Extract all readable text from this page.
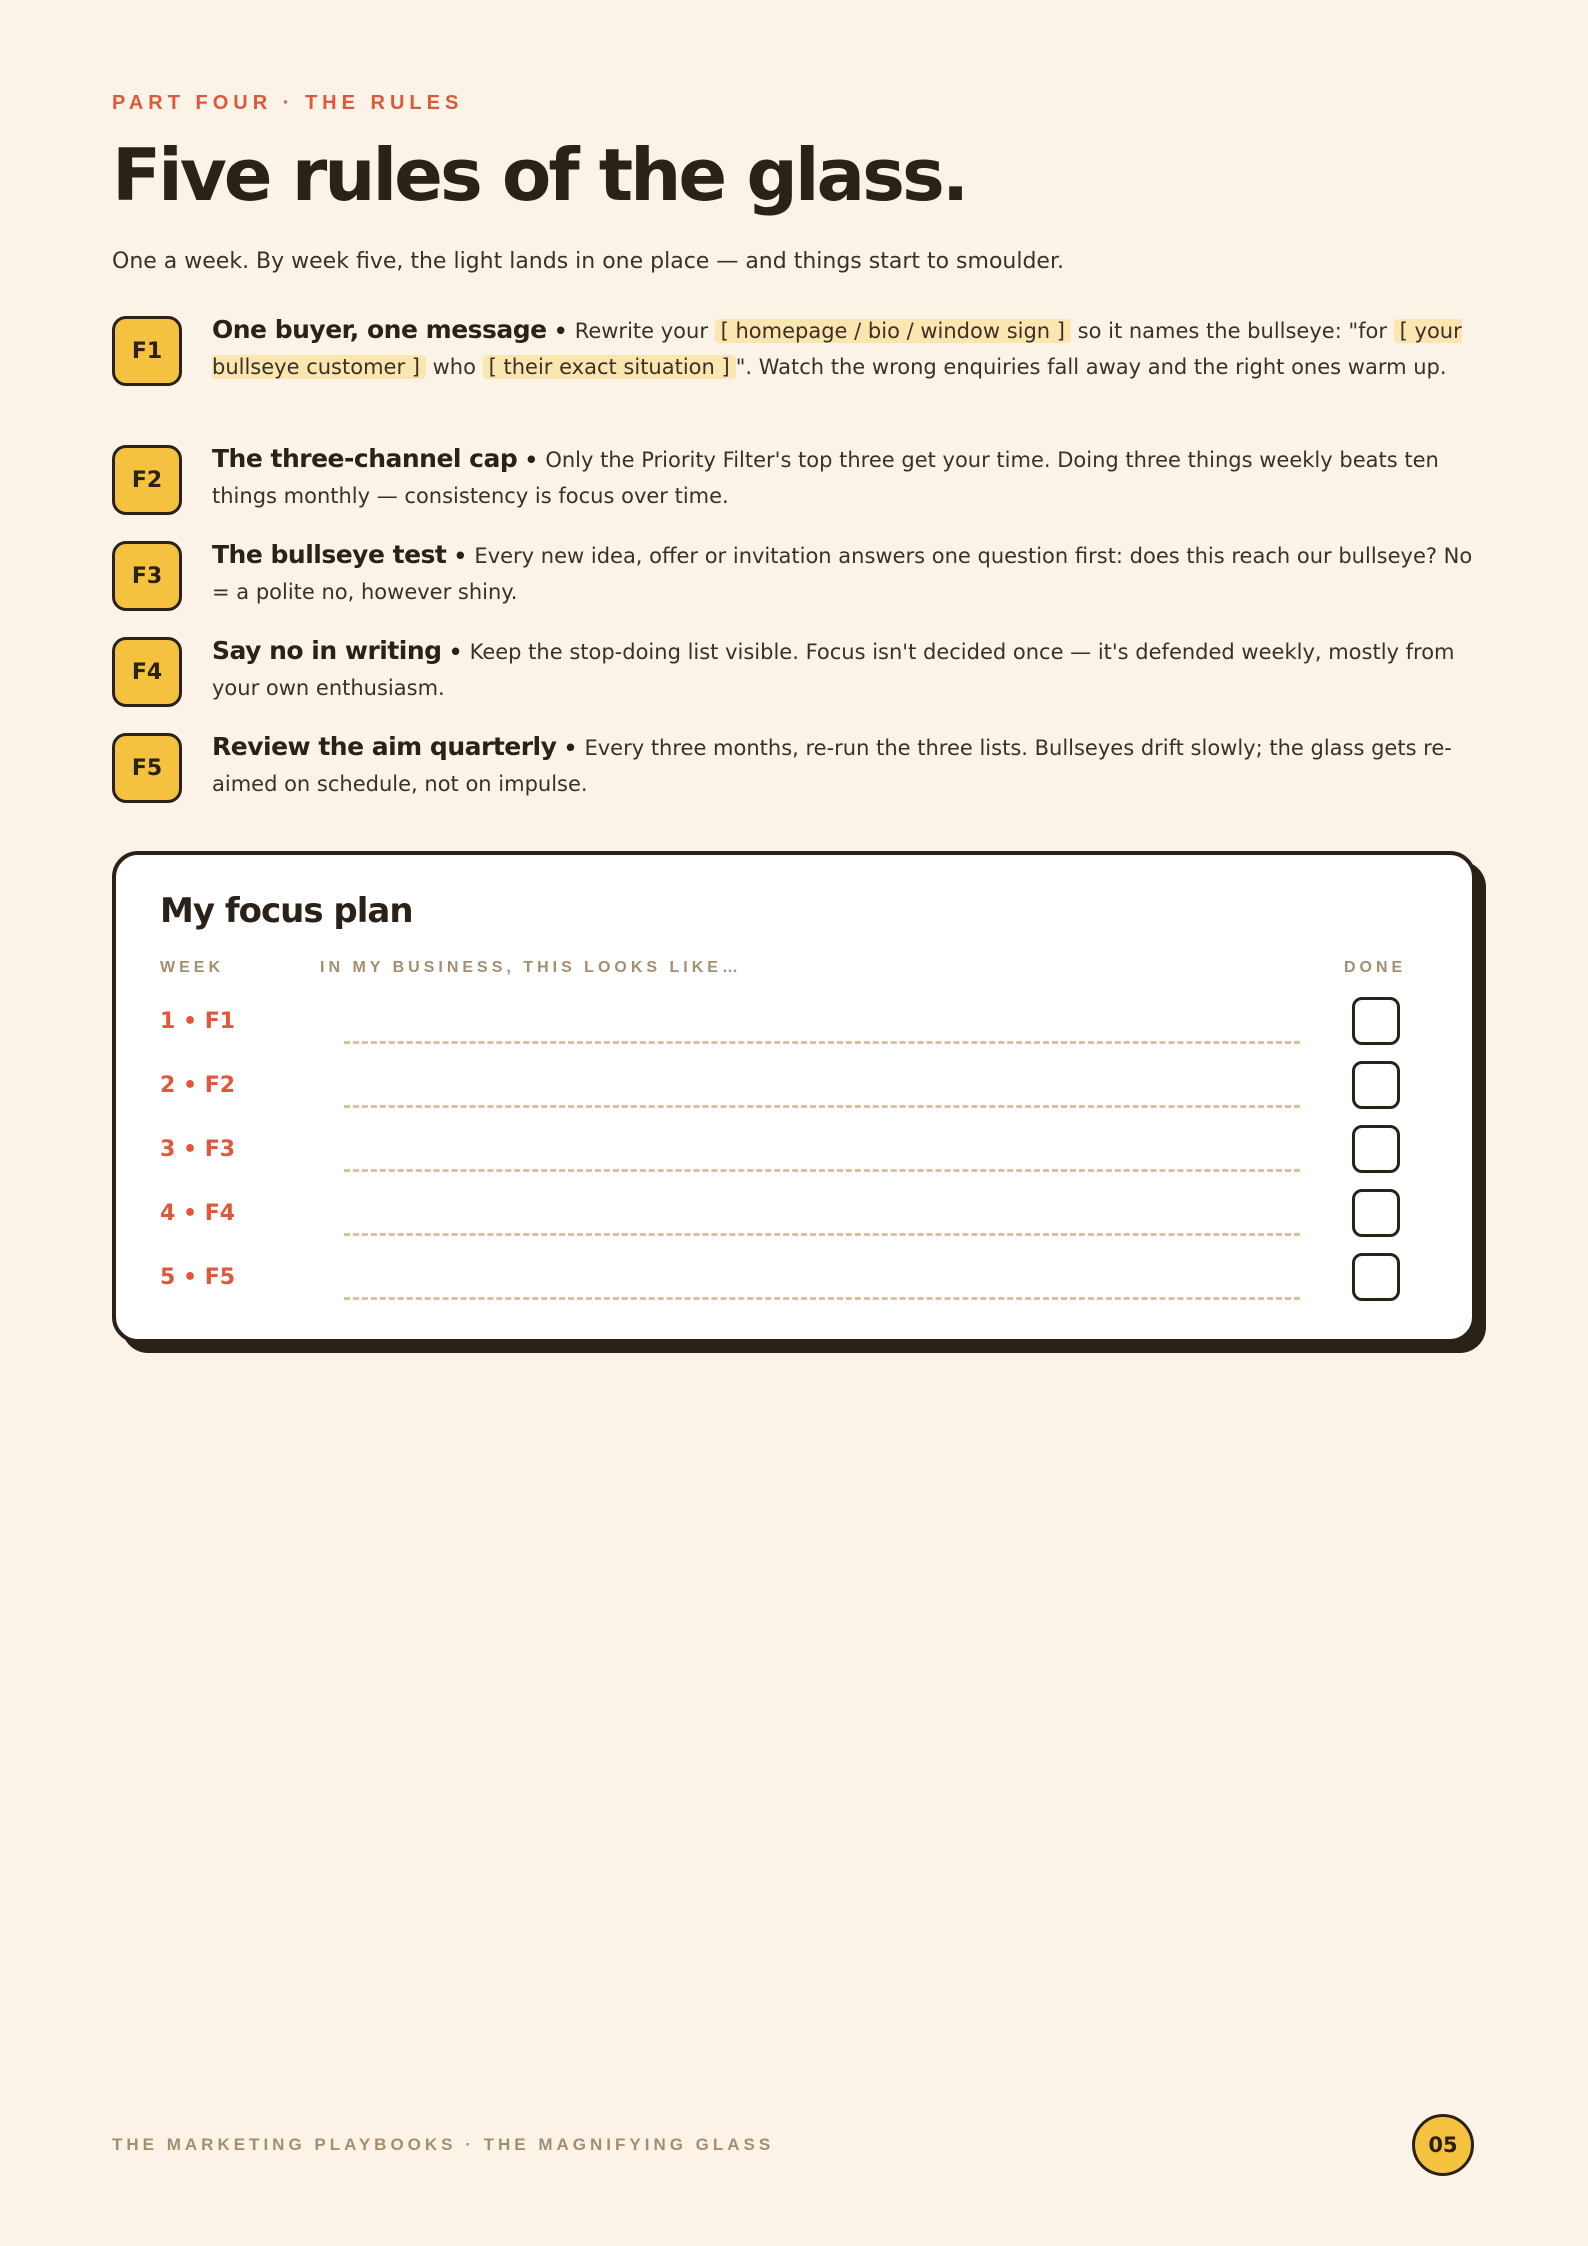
PART FOUR · THE RULES
Five rules of the glass.
One a week. By week five, the light lands in one place — and things start to smoulder.
F1
One buyer, one message • Rewrite your [ homepage / bio / window sign ] so it names the bullseye: "for [ your bullseye customer ] who [ their exact situation ] ". Watch the wrong enquiries fall away and the right ones warm up.
F2
The three-channel cap • Only the Priority Filter's top three get your time. Doing three things weekly beats ten things monthly — consistency is focus over time.
F3
The bullseye test • Every new idea, offer or invitation answers one question first: does this reach our bullseye? No = a polite no, however shiny.
F4
Say no in writing • Keep the stop-doing list visible. Focus isn't decided once — it's defended weekly, mostly from your own enthusiasm.
F5
Review the aim quarterly • Every three months, re-run the three lists. Bullseyes drift slowly; the glass gets re-aimed on schedule, not on impulse.
My focus plan
WEEK	IN MY BUSINESS, THIS LOOKS LIKE…	DONE
1 • F1
2 • F2
3 • F3
4 • F4
5 • F5
THE MARKETING PLAYBOOKS · THE MAGNIFYING GLASS	05
